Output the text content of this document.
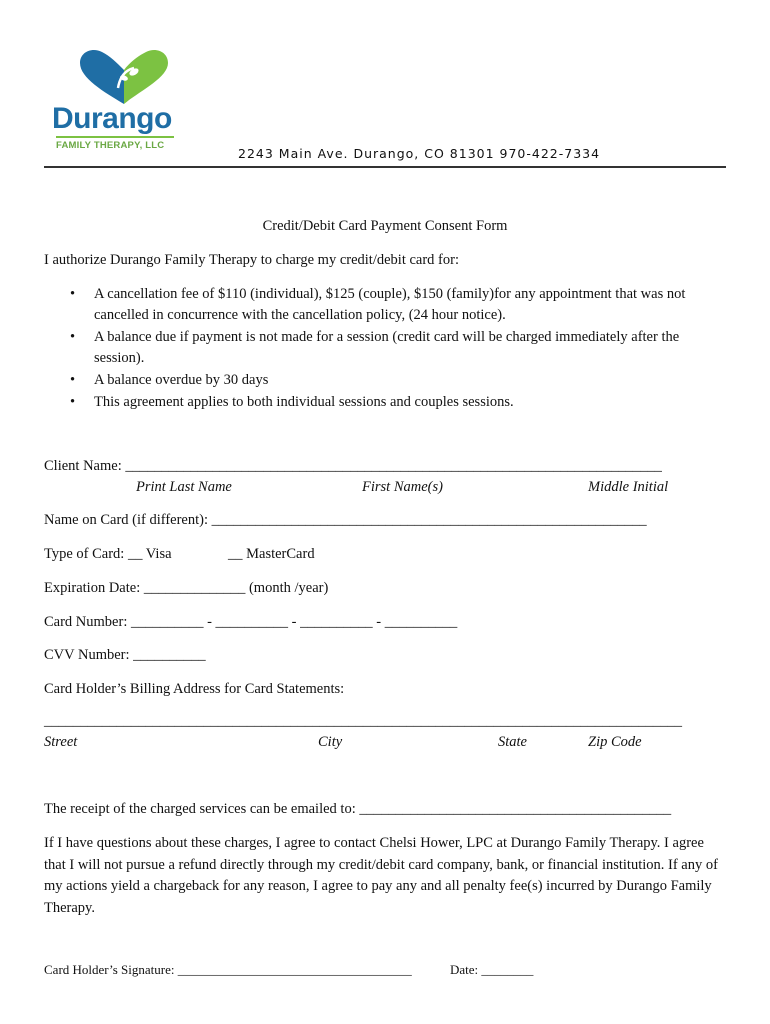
Durango
FAMILY THERAPY, LLC
2243 Main Ave. Durango, CO 81301 970-422-7334
Credit/Debit Card Payment Consent Form
I authorize Durango Family Therapy to charge my credit/debit card for:
• A cancellation fee of $110 (individual), $125 (couple), $150 (family)for any appointment that was not cancelled in concurrence with the cancellation policy, (24 hour notice).
• A balance due if payment is not made for a session (credit card will be charged immediately after the session).
• A balance overdue by 30 days
• This agreement applies to both individual sessions and couples sessions.
Client Name: __________________________________________________________________________
Print Last Name	First Name(s)	Middle Initial
Name on Card (if different): ____________________________________________________________
Type of Card: __ Visa	__ MasterCard
Expiration Date: ______________ (month /year)
Card Number: __________ - __________ - __________ - __________
CVV Number: __________
Card Holder’s Billing Address for Card Statements:
________________________________________________________________________________________
Street	City	State	Zip Code
The receipt of the charged services can be emailed to: ___________________________________________
If I have questions about these charges, I agree to contact Chelsi Hower, LPC at Durango Family Therapy. I agree that I will not pursue a refund directly through my credit/debit card company, bank, or financial institution. If any of my actions yield a chargeback for any reason, I agree to pay any and all penalty fee(s) incurred by Durango Family Therapy.
Card Holder’s Signature: ____________________________________	Date: ________
